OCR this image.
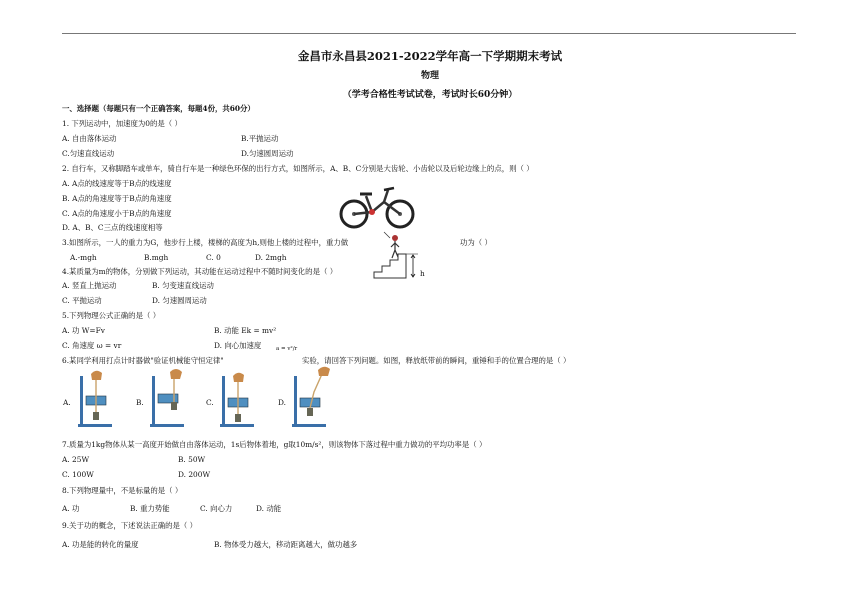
金昌市永昌县2021-2022学年高一下学期期末考试
物理
（学考合格性考试试卷，考试时长60分钟）
一、选择题（每题只有一个正确答案，每题4份，共60分）
1. 下列运动中，加速度为0的是（ ）
A. 自由落体运动	B.平抛运动
C.匀速直线运动	D.匀速圆周运动
2. 自行车，又称脚踏车或单车，骑自行车是一种绿色环保的出行方式，如图所示，A、B、C分别是大齿轮、小齿轮以及后轮边缘上的点，则（ ）
A. A点的线速度等于B点的线速度
B. A点的角速度等于B点的角速度
C. A点的角速度小于B点的角速度
D. A、B、C三点的线速度相等
3.如图所示，一人的重力为G，他步行上楼，楼梯的高度为h,则他上楼的过程中，重力做	功为（ ）
A.-mgh	B.mgh	C. 0	D. 2mgh
h
4.某质量为m的物体，分别做下列运动，其动能在运动过程中不随时间变化的是（ ）
A. 竖直上抛运动	B. 匀变速直线运动
C. 平抛运动	D. 匀速圆周运动
5.下列物理公式正确的是（ ）
A. 功 W=Fv	B. 动能 Ek = mv²
C. 角速度 ω = vr	D. 向心加速度	a = v²/r
6.某同学利用打点计时器做"验证机械能守恒定律"	实验，请回答下列问题。如图，释放纸带前的瞬间，重锤和手的位置合理的是（ ）
A.	B.	C.	D.
7.质量为1kg物体从某一高度开始做自由落体运动，1s后物体着地，g取10m/s²，则该物体下落过程中重力做功的平均功率是（ ）
A. 25W	B. 50W
C. 100W	D. 200W
8.下列物理量中，不是标量的是（ ）
A. 功	B. 重力势能	C. 向心力	D. 动能
9.关于功的概念，下述说法正确的是（ ）
A. 功是能的转化的量度	B. 物体受力越大，移动距离越大，做功越多
